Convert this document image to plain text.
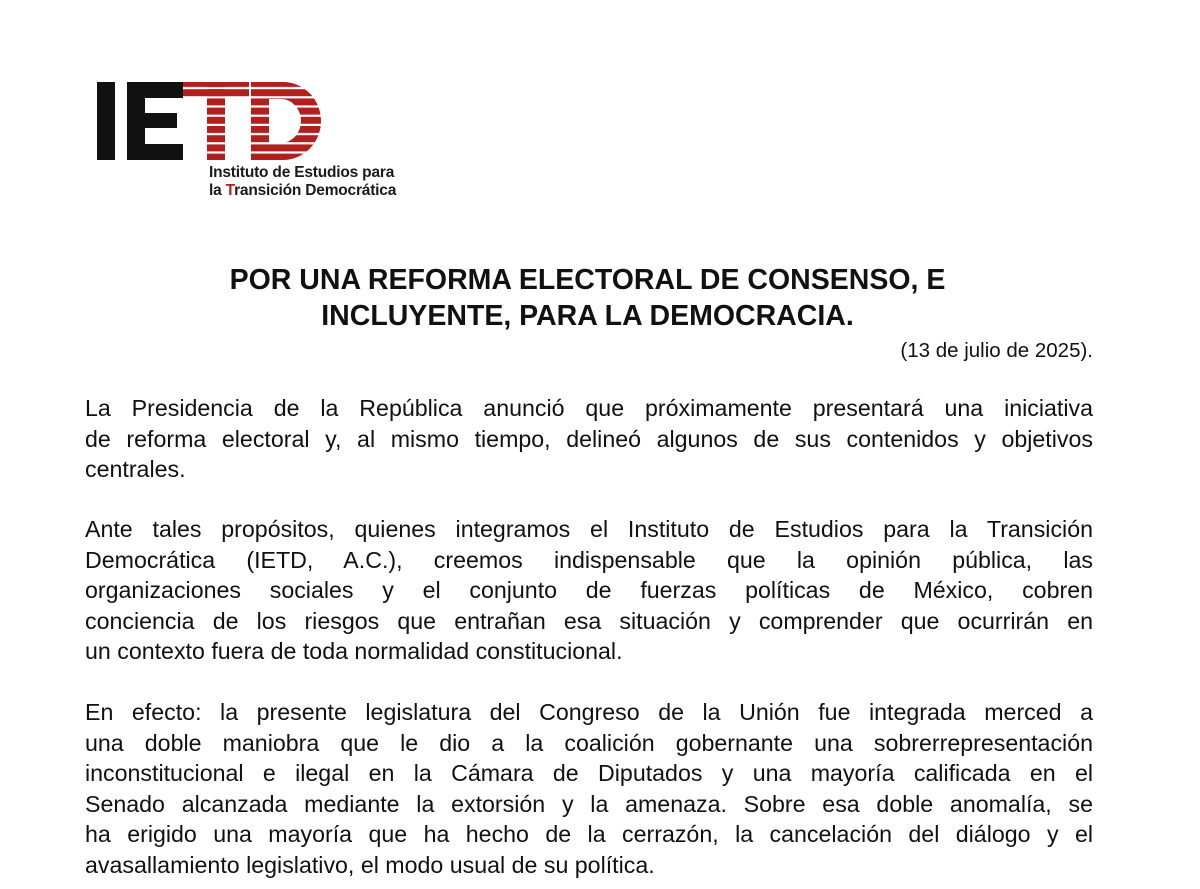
Instituto de Estudios para
la Transición Democrática
POR UNA REFORMA ELECTORAL DE CONSENSO, E
INCLUYENTE, PARA LA DEMOCRACIA.
(13 de julio de 2025).
La Presidencia de la República anunció que próximamente presentará una iniciativa
de reforma electoral y, al mismo tiempo, delineó algunos de sus contenidos y objetivos
centrales.
Ante tales propósitos, quienes integramos el Instituto de Estudios para la Transición
Democrática (IETD, A.C.), creemos indispensable que la opinión pública, las
organizaciones sociales y el conjunto de fuerzas políticas de México, cobren
conciencia de los riesgos que entrañan esa situación y comprender que ocurrirán en
un contexto fuera de toda normalidad constitucional.
En efecto: la presente legislatura del Congreso de la Unión fue integrada merced a
una doble maniobra que le dio a la coalición gobernante una sobrerrepresentación
inconstitucional e ilegal en la Cámara de Diputados y una mayoría calificada en el
Senado alcanzada mediante la extorsión y la amenaza. Sobre esa doble anomalía, se
ha erigido una mayoría que ha hecho de la cerrazón, la cancelación del diálogo y el
avasallamiento legislativo, el modo usual de su política.
